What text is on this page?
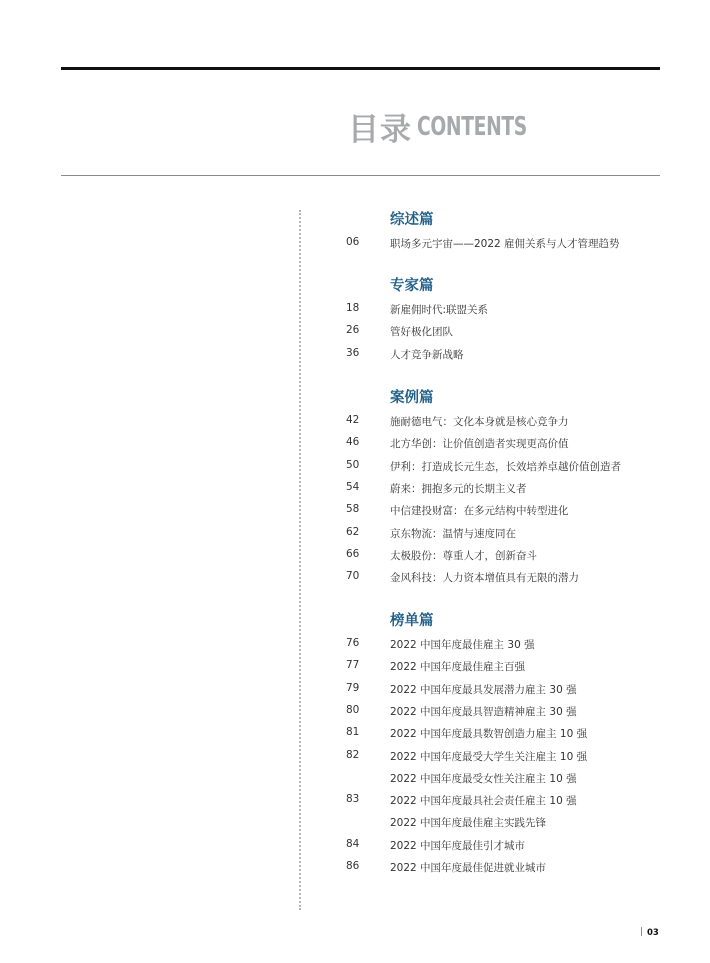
目录 CONTENTS
综述篇
06	职场多元宇宙——2022 雇佣关系与人才管理趋势
专家篇
18	新雇佣时代:联盟关系
26	管好极化团队
36	人才竞争新战略
案例篇
42	施耐德电气：文化本身就是核心竞争力
46	北方华创：让价值创造者实现更高价值
50	伊利：打造成长元生态，长效培养卓越价值创造者
54	蔚来：拥抱多元的长期主义者
58	中信建投财富：在多元结构中转型进化
62	京东物流：温情与速度同在
66	太极股份：尊重人才，创新奋斗
70	金风科技：人力资本增值具有无限的潜力
榜单篇
76	2022 中国年度最佳雇主 30 强
77	2022 中国年度最佳雇主百强
79	2022 中国年度最具发展潜力雇主 30 强
80	2022 中国年度最具智造精神雇主 30 强
81	2022 中国年度最具数智创造力雇主 10 强
82	2022 中国年度最受大学生关注雇主 10 强
2022 中国年度最受女性关注雇主 10 强
83	2022 中国年度最具社会责任雇主 10 强
2022 中国年度最佳雇主实践先锋
84	2022 中国年度最佳引才城市
86	2022 中国年度最佳促进就业城市
03
